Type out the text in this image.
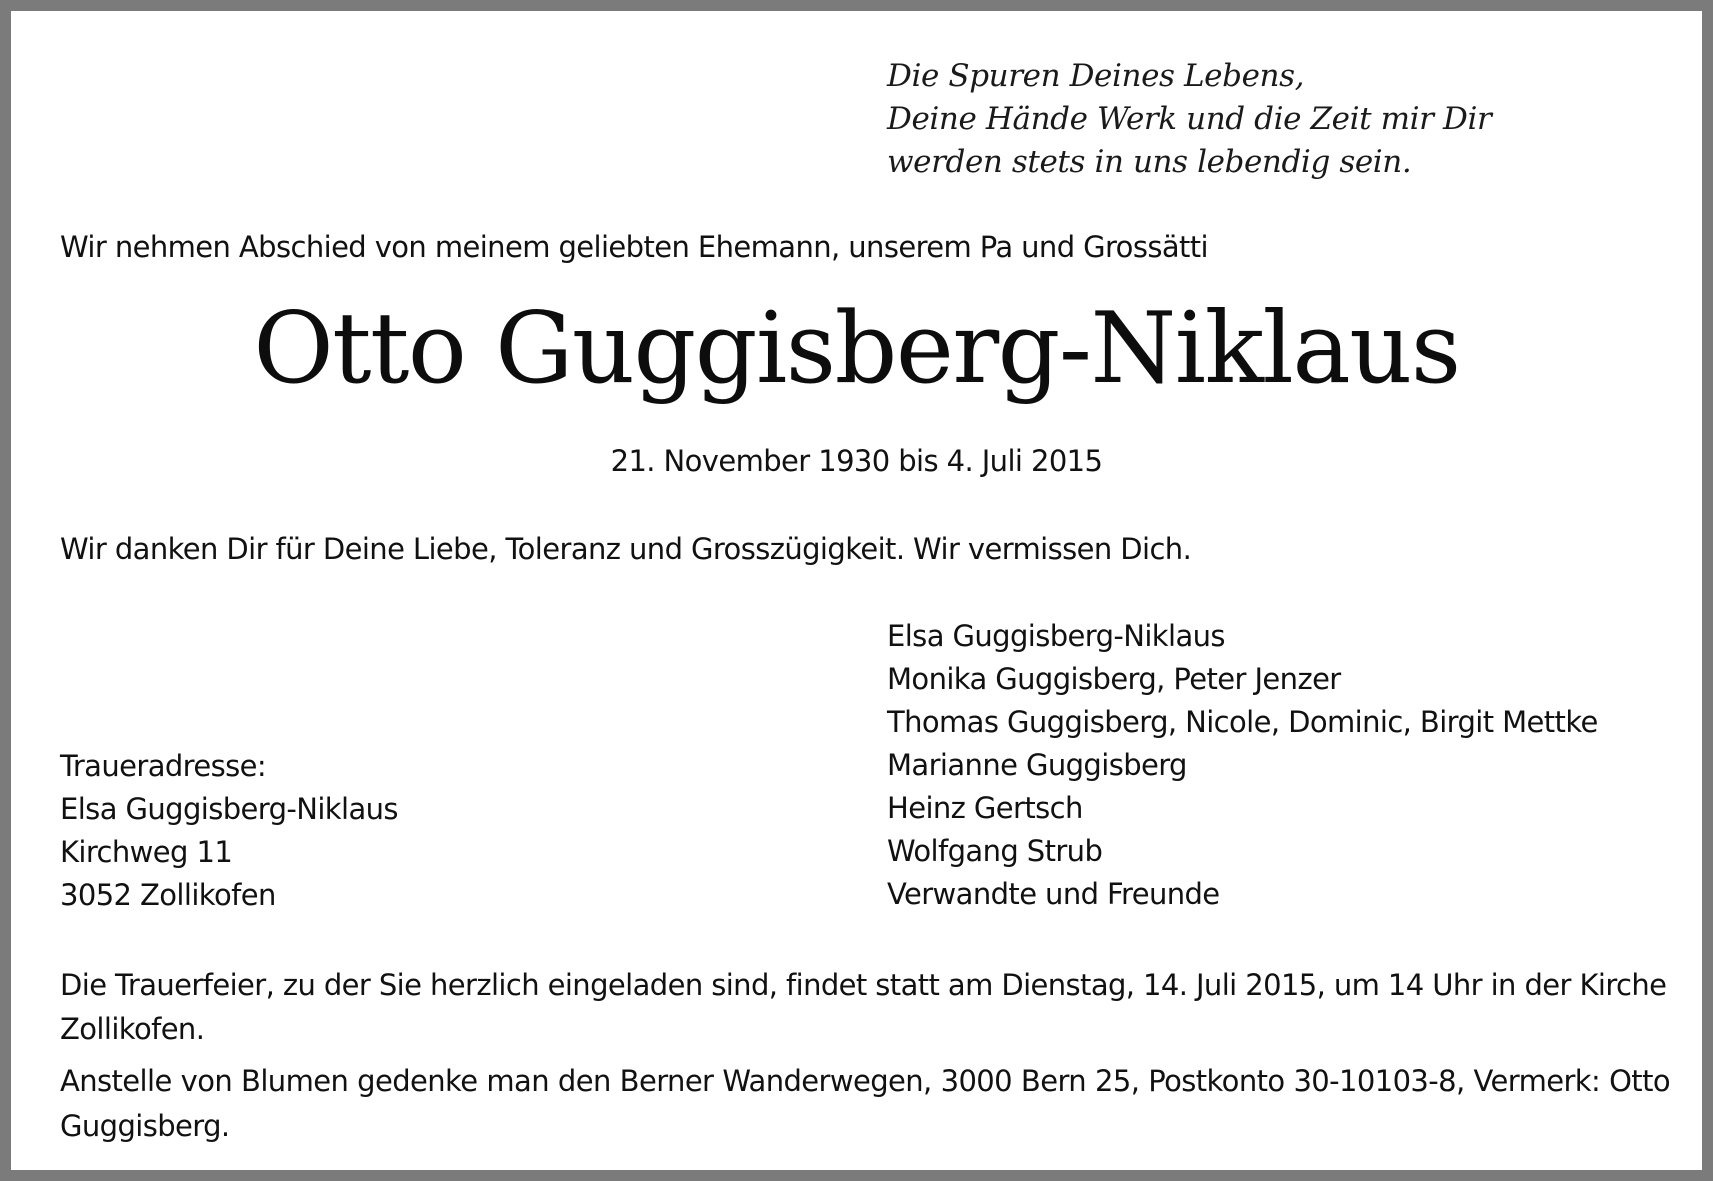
Die Spuren Deines Lebens,
Deine Hände Werk und die Zeit mir Dir
werden stets in uns lebendig sein.
Wir nehmen Abschied von meinem geliebten Ehemann, unserem Pa und Grossätti
Otto Guggisberg-Niklaus
21. November 1930 bis 4. Juli 2015
Wir danken Dir für Deine Liebe, Toleranz und Grosszügigkeit. Wir vermissen Dich.
Elsa Guggisberg-Niklaus
Monika Guggisberg, Peter Jenzer
Thomas Guggisberg, Nicole, Dominic, Birgit Mettke
Marianne Guggisberg
Heinz Gertsch
Wolfgang Strub
Verwandte und Freunde
Traueradresse:
Elsa Guggisberg-Niklaus
Kirchweg 11
3052 Zollikofen
Die Trauerfeier, zu der Sie herzlich eingeladen sind, findet statt am Dienstag, 14. Juli 2015, um 14 Uhr in der Kirche Zollikofen.
Anstelle von Blumen gedenke man den Berner Wanderwegen, 3000 Bern 25, Postkonto 30-10103-8, Vermerk: Otto Guggisberg.
